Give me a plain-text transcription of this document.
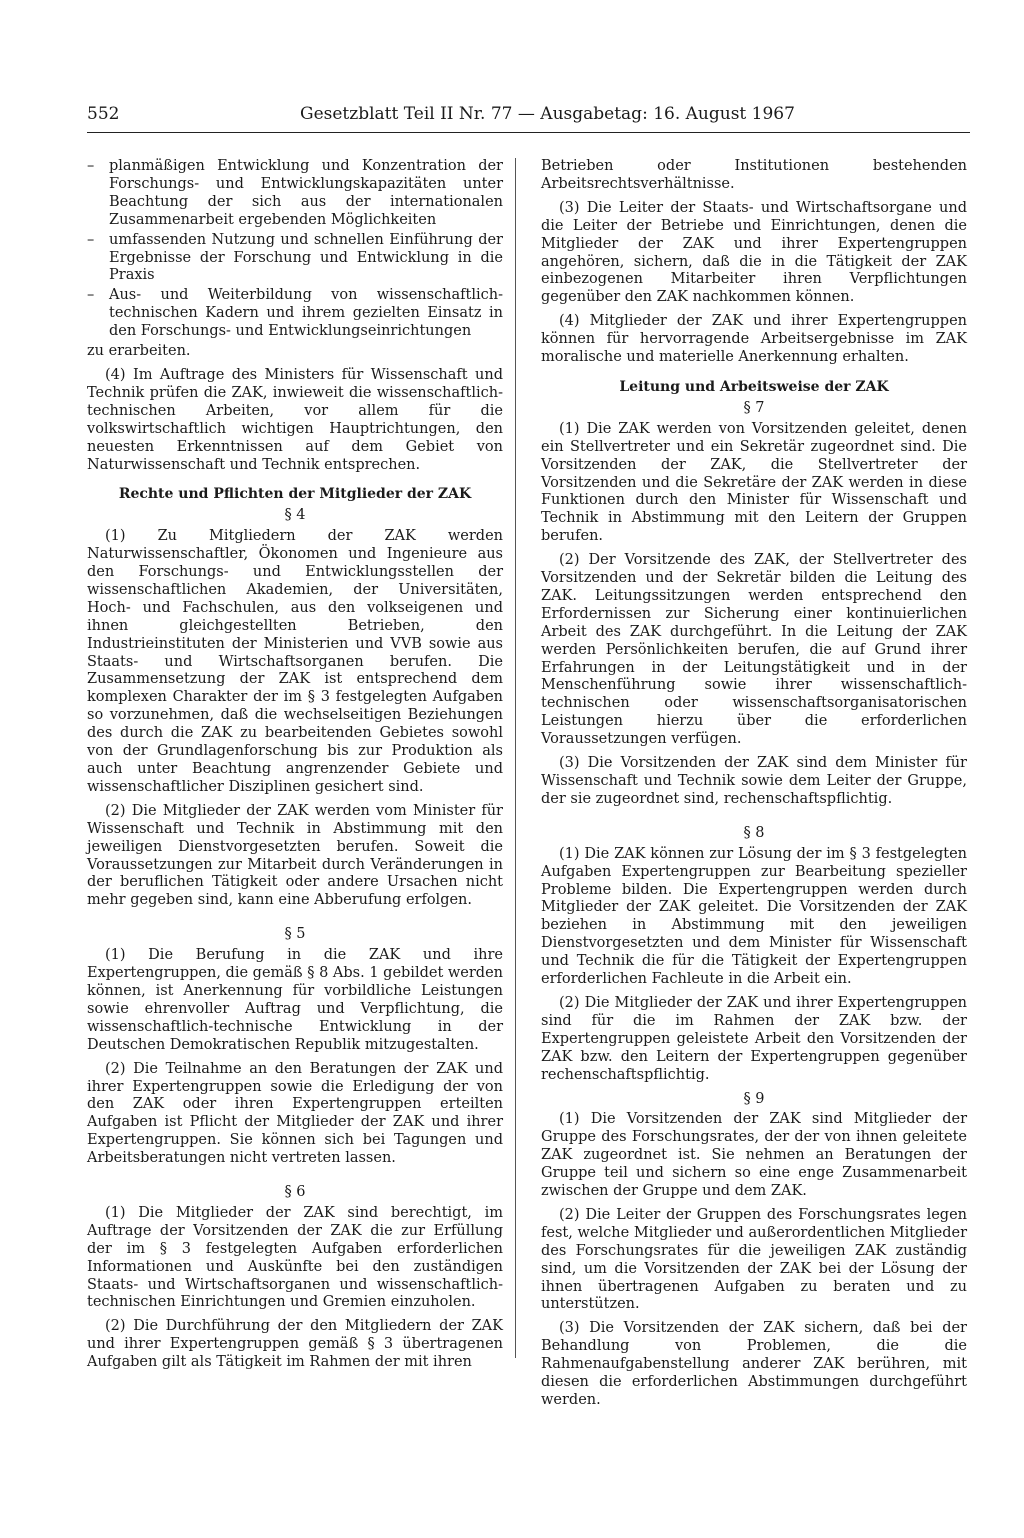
552	Gesetzblatt Teil II Nr. 77 — Ausgabetag: 16. August 1967
– planmäßigen Entwicklung und Konzentration der Forschungs- und Entwicklungskapazitäten unter Beachtung der sich aus der internationalen Zusammenarbeit ergebenden Möglichkeiten
– umfassenden Nutzung und schnellen Einführung der Ergebnisse der Forschung und Entwicklung in die Praxis
– Aus- und Weiterbildung von wissenschaftlich-technischen Kadern und ihrem gezielten Einsatz in den Forschungs- und Entwicklungseinrichtungen

zu erarbeiten.

(4) Im Auftrage des Ministers für Wissenschaft und Technik prüfen die ZAK, inwieweit die wissenschaftlich-technischen Arbeiten, vor allem für die volkswirtschaftlich wichtigen Hauptrichtungen, den neuesten Erkenntnissen auf dem Gebiet von Naturwissenschaft und Technik entsprechen.

Rechte und Pflichten der Mitglieder der ZAK

§ 4

(1) Zu Mitgliedern der ZAK werden Naturwissenschaftler, Ökonomen und Ingenieure aus den Forschungs- und Entwicklungsstellen der wissenschaftlichen Akademien, der Universitäten, Hoch- und Fachschulen, aus den volkseigenen und ihnen gleichgestellten Betrieben, den Industrieinstituten der Ministerien und VVB sowie aus Staats- und Wirtschaftsorganen berufen. Die Zusammensetzung der ZAK ist entsprechend dem komplexen Charakter der im § 3 festgelegten Aufgaben so vorzunehmen, daß die wechselseitigen Beziehungen des durch die ZAK zu bearbeitenden Gebietes sowohl von der Grundlagenforschung bis zur Produktion als auch unter Beachtung angrenzender Gebiete und wissenschaftlicher Disziplinen gesichert sind.

(2) Die Mitglieder der ZAK werden vom Minister für Wissenschaft und Technik in Abstimmung mit den jeweiligen Dienstvorgesetzten berufen. Soweit die Voraussetzungen zur Mitarbeit durch Veränderungen in der beruflichen Tätigkeit oder andere Ursachen nicht mehr gegeben sind, kann eine Abberufung erfolgen.

§ 5

(1) Die Berufung in die ZAK und ihre Expertengruppen, die gemäß § 8 Abs. 1 gebildet werden können, ist Anerkennung für vorbildliche Leistungen sowie ehrenvoller Auftrag und Verpflichtung, die wissenschaftlich-technische Entwicklung in der Deutschen Demokratischen Republik mitzugestalten.

(2) Die Teilnahme an den Beratungen der ZAK und ihrer Expertengruppen sowie die Erledigung der von den ZAK oder ihren Expertengruppen erteilten Aufgaben ist Pflicht der Mitglieder der ZAK und ihrer Expertengruppen. Sie können sich bei Tagungen und Arbeitsberatungen nicht vertreten lassen.

§ 6

(1) Die Mitglieder der ZAK sind berechtigt, im Auftrage der Vorsitzenden der ZAK die zur Erfüllung der im § 3 festgelegten Aufgaben erforderlichen Informationen und Auskünfte bei den zuständigen Staats- und Wirtschaftsorganen und wissenschaftlich-technischen Einrichtungen und Gremien einzuholen.

(2) Die Durchführung der den Mitgliedern der ZAK und ihrer Expertengruppen gemäß § 3 übertragenen Aufgaben gilt als Tätigkeit im Rahmen der mit ihren

Betrieben oder Institutionen bestehenden Arbeitsrechtsverhältnisse.

(3) Die Leiter der Staats- und Wirtschaftsorgane und die Leiter der Betriebe und Einrichtungen, denen die Mitglieder der ZAK und ihrer Expertengruppen angehören, sichern, daß die in die Tätigkeit der ZAK einbezogenen Mitarbeiter ihren Verpflichtungen gegenüber den ZAK nachkommen können.

(4) Mitglieder der ZAK und ihrer Expertengruppen können für hervorragende Arbeitsergebnisse im ZAK moralische und materielle Anerkennung erhalten.

Leitung und Arbeitsweise der ZAK

§ 7

(1) Die ZAK werden von Vorsitzenden geleitet, denen ein Stellvertreter und ein Sekretär zugeordnet sind. Die Vorsitzenden der ZAK, die Stellvertreter der Vorsitzenden und die Sekretäre der ZAK werden in diese Funktionen durch den Minister für Wissenschaft und Technik in Abstimmung mit den Leitern der Gruppen berufen.

(2) Der Vorsitzende des ZAK, der Stellvertreter des Vorsitzenden und der Sekretär bilden die Leitung des ZAK. Leitungssitzungen werden entsprechend den Erfordernissen zur Sicherung einer kontinuierlichen Arbeit des ZAK durchgeführt. In die Leitung der ZAK werden Persönlichkeiten berufen, die auf Grund ihrer Erfahrungen in der Leitungstätigkeit und in der Menschenführung sowie ihrer wissenschaftlich-technischen oder wissenschaftsorganisatorischen Leistungen hierzu über die erforderlichen Voraussetzungen verfügen.

(3) Die Vorsitzenden der ZAK sind dem Minister für Wissenschaft und Technik sowie dem Leiter der Gruppe, der sie zugeordnet sind, rechenschaftspflichtig.

§ 8

(1) Die ZAK können zur Lösung der im § 3 festgelegten Aufgaben Expertengruppen zur Bearbeitung spezieller Probleme bilden. Die Expertengruppen werden durch Mitglieder der ZAK geleitet. Die Vorsitzenden der ZAK beziehen in Abstimmung mit den jeweiligen Dienstvorgesetzten und dem Minister für Wissenschaft und Technik die für die Tätigkeit der Expertengruppen erforderlichen Fachleute in die Arbeit ein.

(2) Die Mitglieder der ZAK und ihrer Expertengruppen sind für die im Rahmen der ZAK bzw. der Expertengruppen geleistete Arbeit den Vorsitzenden der ZAK bzw. den Leitern der Expertengruppen gegenüber rechenschaftspflichtig.

§ 9

(1) Die Vorsitzenden der ZAK sind Mitglieder der Gruppe des Forschungsrates, der der von ihnen geleitete ZAK zugeordnet ist. Sie nehmen an Beratungen der Gruppe teil und sichern so eine enge Zusammenarbeit zwischen der Gruppe und dem ZAK.

(2) Die Leiter der Gruppen des Forschungsrates legen fest, welche Mitglieder und außerordentlichen Mitglieder des Forschungsrates für die jeweiligen ZAK zuständig sind, um die Vorsitzenden der ZAK bei der Lösung der ihnen übertragenen Aufgaben zu beraten und zu unterstützen.

(3) Die Vorsitzenden der ZAK sichern, daß bei der Behandlung von Problemen, die die Rahmenaufgabenstellung anderer ZAK berühren, mit diesen die erforderlichen Abstimmungen durchgeführt werden.
